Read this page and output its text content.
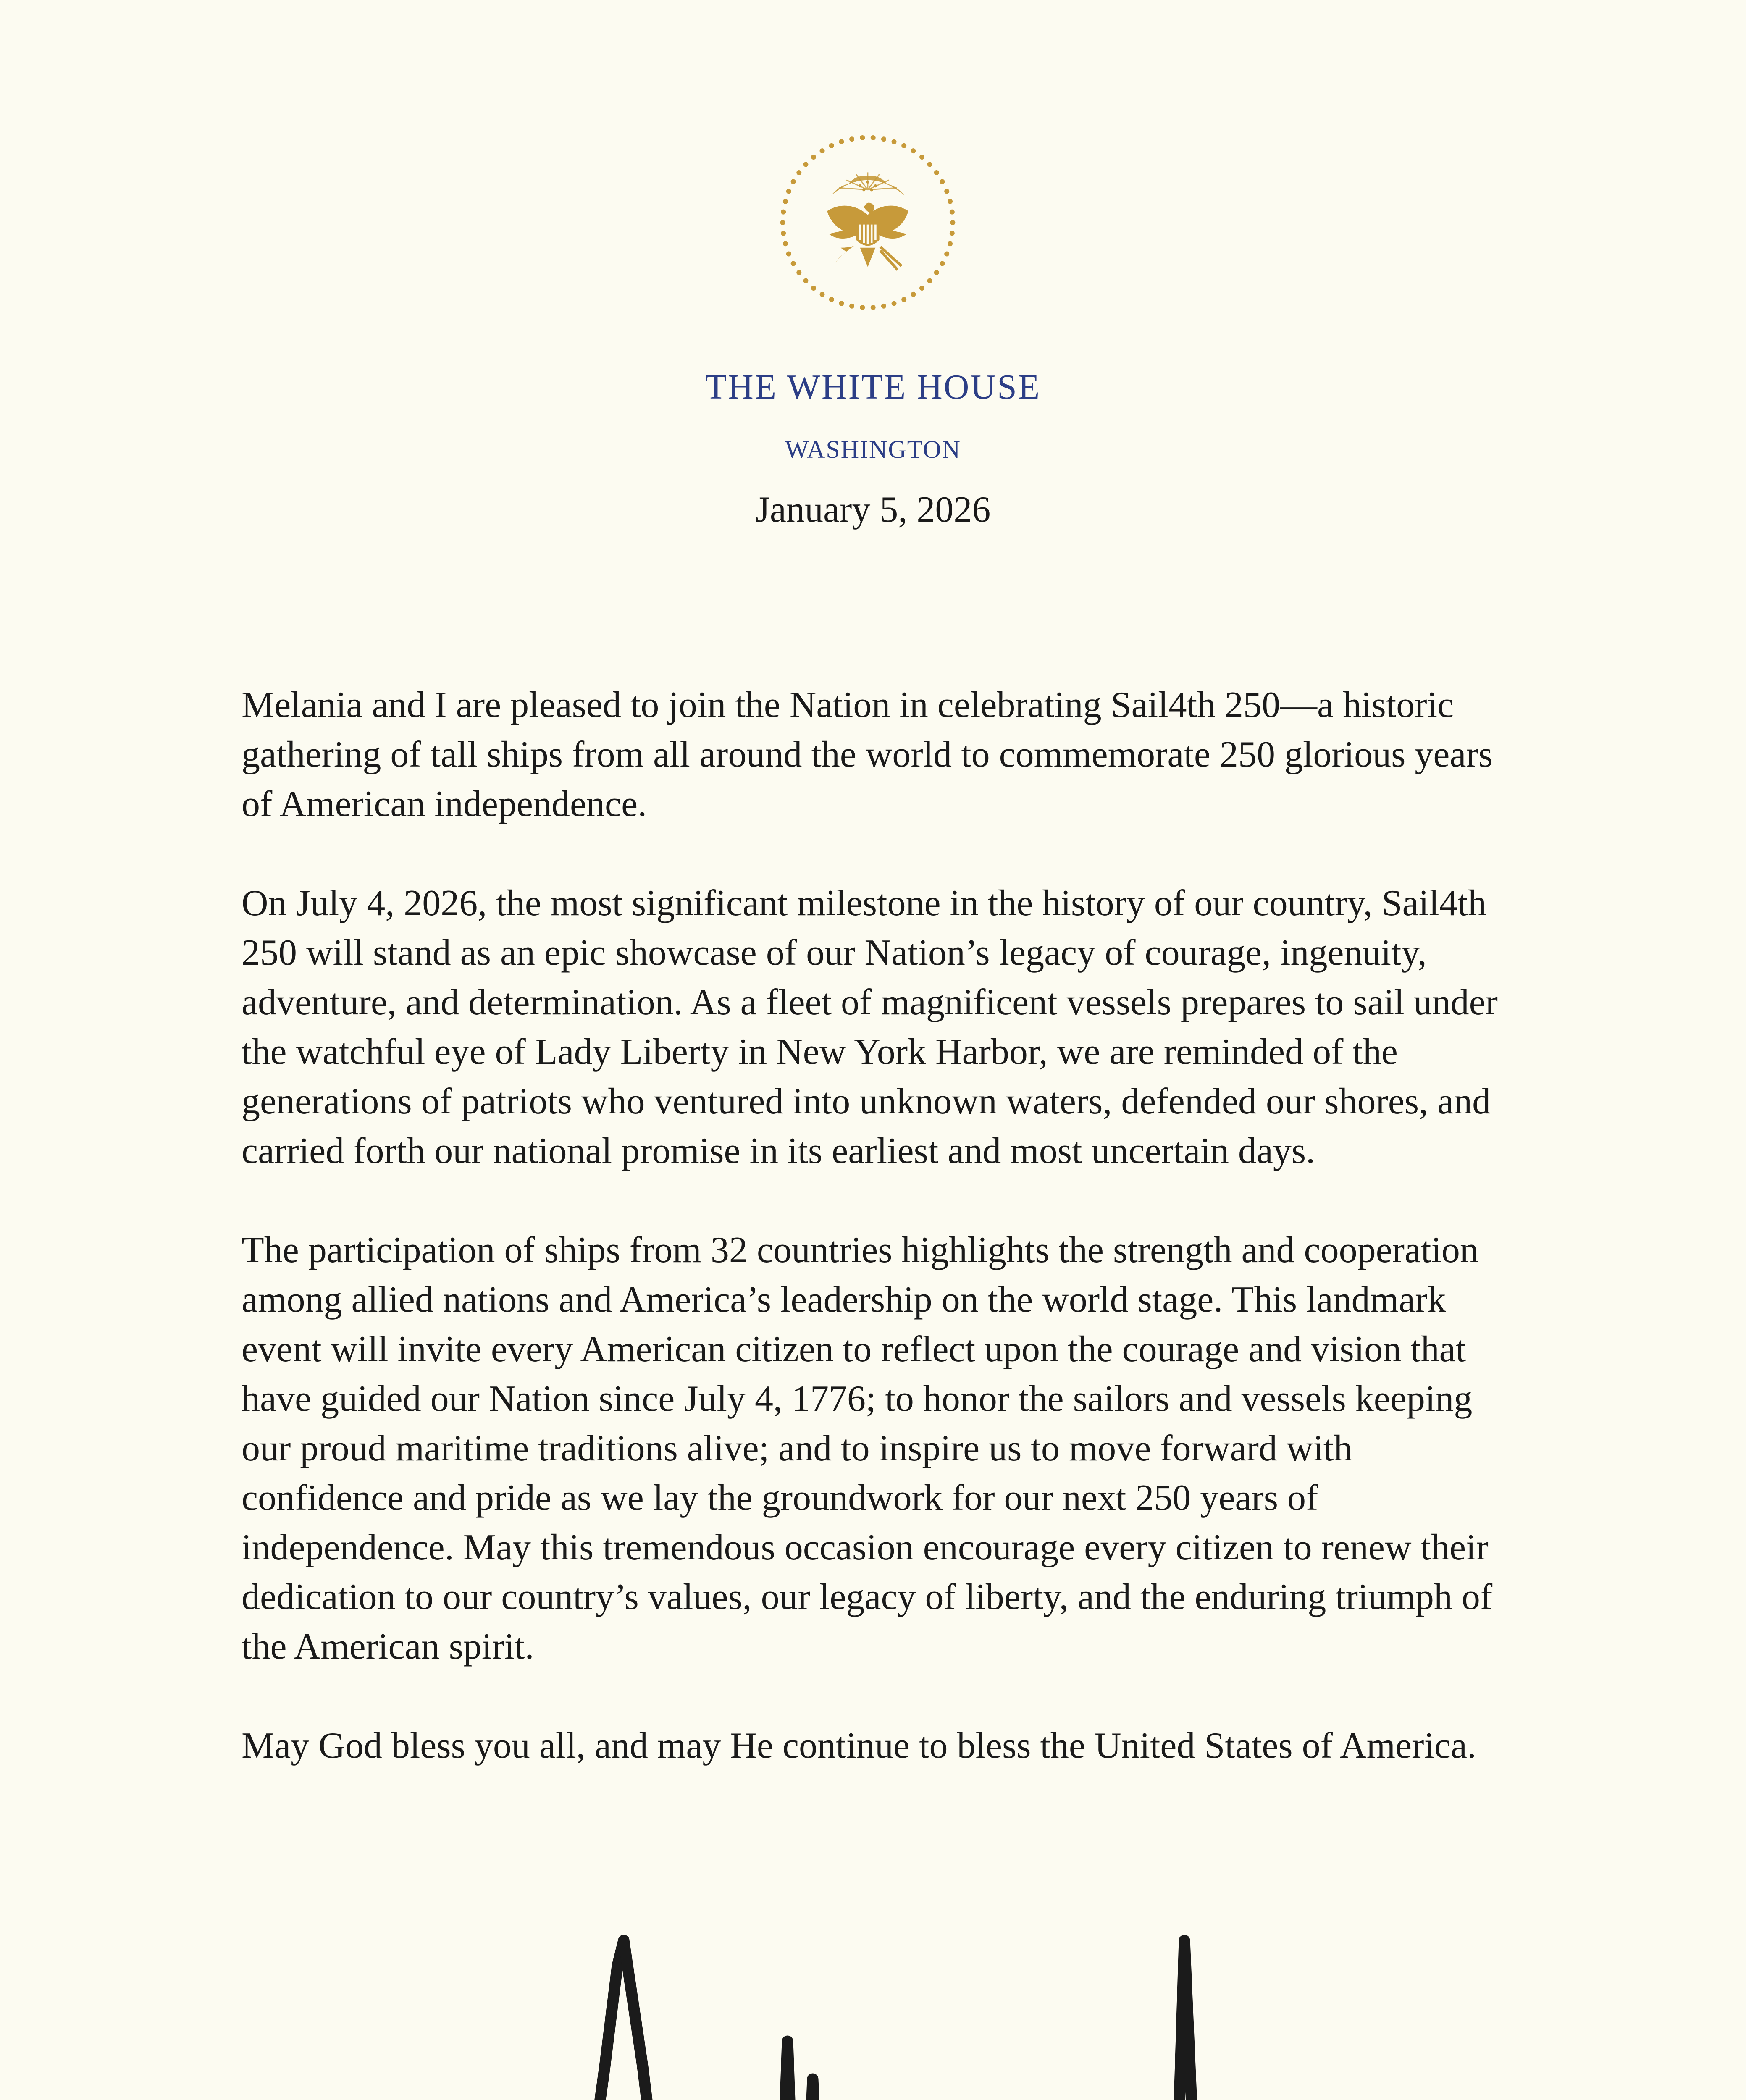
THE WHITE HOUSE
WASHINGTON
January 5, 2026

Melania and I are pleased to join the Nation in celebrating Sail4th 250—a historic gathering of tall ships from all around the world to commemorate 250 glorious years of American independence.

On July 4, 2026, the most significant milestone in the history of our country, Sail4th 250 will stand as an epic showcase of our Nation’s legacy of courage, ingenuity, adventure, and determination. As a fleet of magnificent vessels prepares to sail under the watchful eye of Lady Liberty in New York Harbor, we are reminded of the generations of patriots who ventured into unknown waters, defended our shores, and carried forth our national promise in its earliest and most uncertain days.

The participation of ships from 32 countries highlights the strength and cooperation among allied nations and America’s leadership on the world stage. This landmark event will invite every American citizen to reflect upon the courage and vision that have guided our Nation since July 4, 1776; to honor the sailors and vessels keeping our proud maritime traditions alive; and to inspire us to move forward with confidence and pride as we lay the groundwork for our next 250 years of independence. May this tremendous occasion encourage every citizen to renew their dedication to our country’s values, our legacy of liberty, and the enduring triumph of the American spirit.

May God bless you all, and may He continue to bless the United States of America.
